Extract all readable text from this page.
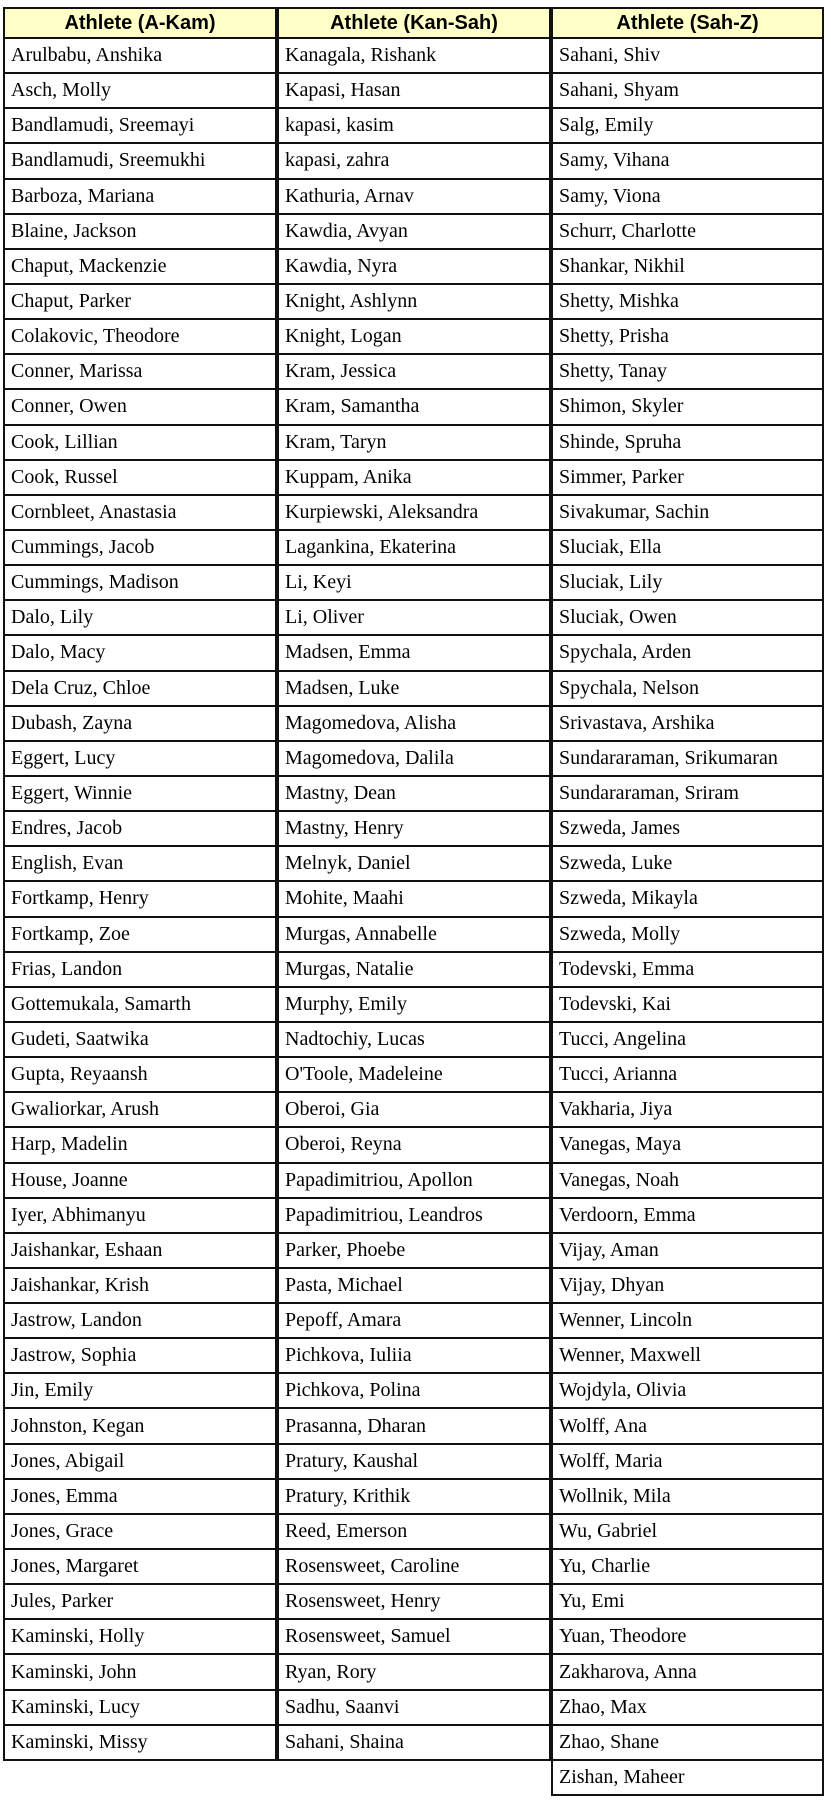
Athlete (A-Kam)
Arulbabu, Anshika
Asch, Molly
Bandlamudi, Sreemayi
Bandlamudi, Sreemukhi
Barboza, Mariana
Blaine, Jackson
Chaput, Mackenzie
Chaput, Parker
Colakovic, Theodore
Conner, Marissa
Conner, Owen
Cook, Lillian
Cook, Russel
Cornbleet, Anastasia
Cummings, Jacob
Cummings, Madison
Dalo, Lily
Dalo, Macy
Dela Cruz, Chloe
Dubash, Zayna
Eggert, Lucy
Eggert, Winnie
Endres, Jacob
English, Evan
Fortkamp, Henry
Fortkamp, Zoe
Frias, Landon
Gottemukala, Samarth
Gudeti, Saatwika
Gupta, Reyaansh
Gwaliorkar, Arush
Harp, Madelin
House, Joanne
Iyer, Abhimanyu
Jaishankar, Eshaan
Jaishankar, Krish
Jastrow, Landon
Jastrow, Sophia
Jin, Emily
Johnston, Kegan
Jones, Abigail
Jones, Emma
Jones, Grace
Jones, Margaret
Jules, Parker
Kaminski, Holly
Kaminski, John
Kaminski, Lucy
Kaminski, Missy
Athlete (Kan-Sah)
Kanagala, Rishank
Kapasi, Hasan
kapasi, kasim
kapasi, zahra
Kathuria, Arnav
Kawdia, Avyan
Kawdia, Nyra
Knight, Ashlynn
Knight, Logan
Kram, Jessica
Kram, Samantha
Kram, Taryn
Kuppam, Anika
Kurpiewski, Aleksandra
Lagankina, Ekaterina
Li, Keyi
Li, Oliver
Madsen, Emma
Madsen, Luke
Magomedova, Alisha
Magomedova, Dalila
Mastny, Dean
Mastny, Henry
Melnyk, Daniel
Mohite, Maahi
Murgas, Annabelle
Murgas, Natalie
Murphy, Emily
Nadtochiy, Lucas
O'Toole, Madeleine
Oberoi, Gia
Oberoi, Reyna
Papadimitriou, Apollon
Papadimitriou, Leandros
Parker, Phoebe
Pasta, Michael
Pepoff, Amara
Pichkova, Iuliia
Pichkova, Polina
Prasanna, Dharan
Pratury, Kaushal
Pratury, Krithik
Reed, Emerson
Rosensweet, Caroline
Rosensweet, Henry
Rosensweet, Samuel
Ryan, Rory
Sadhu, Saanvi
Sahani, Shaina
Athlete (Sah-Z)
Sahani, Shiv
Sahani, Shyam
Salg, Emily
Samy, Vihana
Samy, Viona
Schurr, Charlotte
Shankar, Nikhil
Shetty, Mishka
Shetty, Prisha
Shetty, Tanay
Shimon, Skyler
Shinde, Spruha
Simmer, Parker
Sivakumar, Sachin
Sluciak, Ella
Sluciak, Lily
Sluciak, Owen
Spychala, Arden
Spychala, Nelson
Srivastava, Arshika
Sundararaman, Srikumaran
Sundararaman, Sriram
Szweda, James
Szweda, Luke
Szweda, Mikayla
Szweda, Molly
Todevski, Emma
Todevski, Kai
Tucci, Angelina
Tucci, Arianna
Vakharia, Jiya
Vanegas, Maya
Vanegas, Noah
Verdoorn, Emma
Vijay, Aman
Vijay, Dhyan
Wenner, Lincoln
Wenner, Maxwell
Wojdyla, Olivia
Wolff, Ana
Wolff, Maria
Wollnik, Mila
Wu, Gabriel
Yu, Charlie
Yu, Emi
Yuan, Theodore
Zakharova, Anna
Zhao, Max
Zhao, Shane
Zishan, Maheer
